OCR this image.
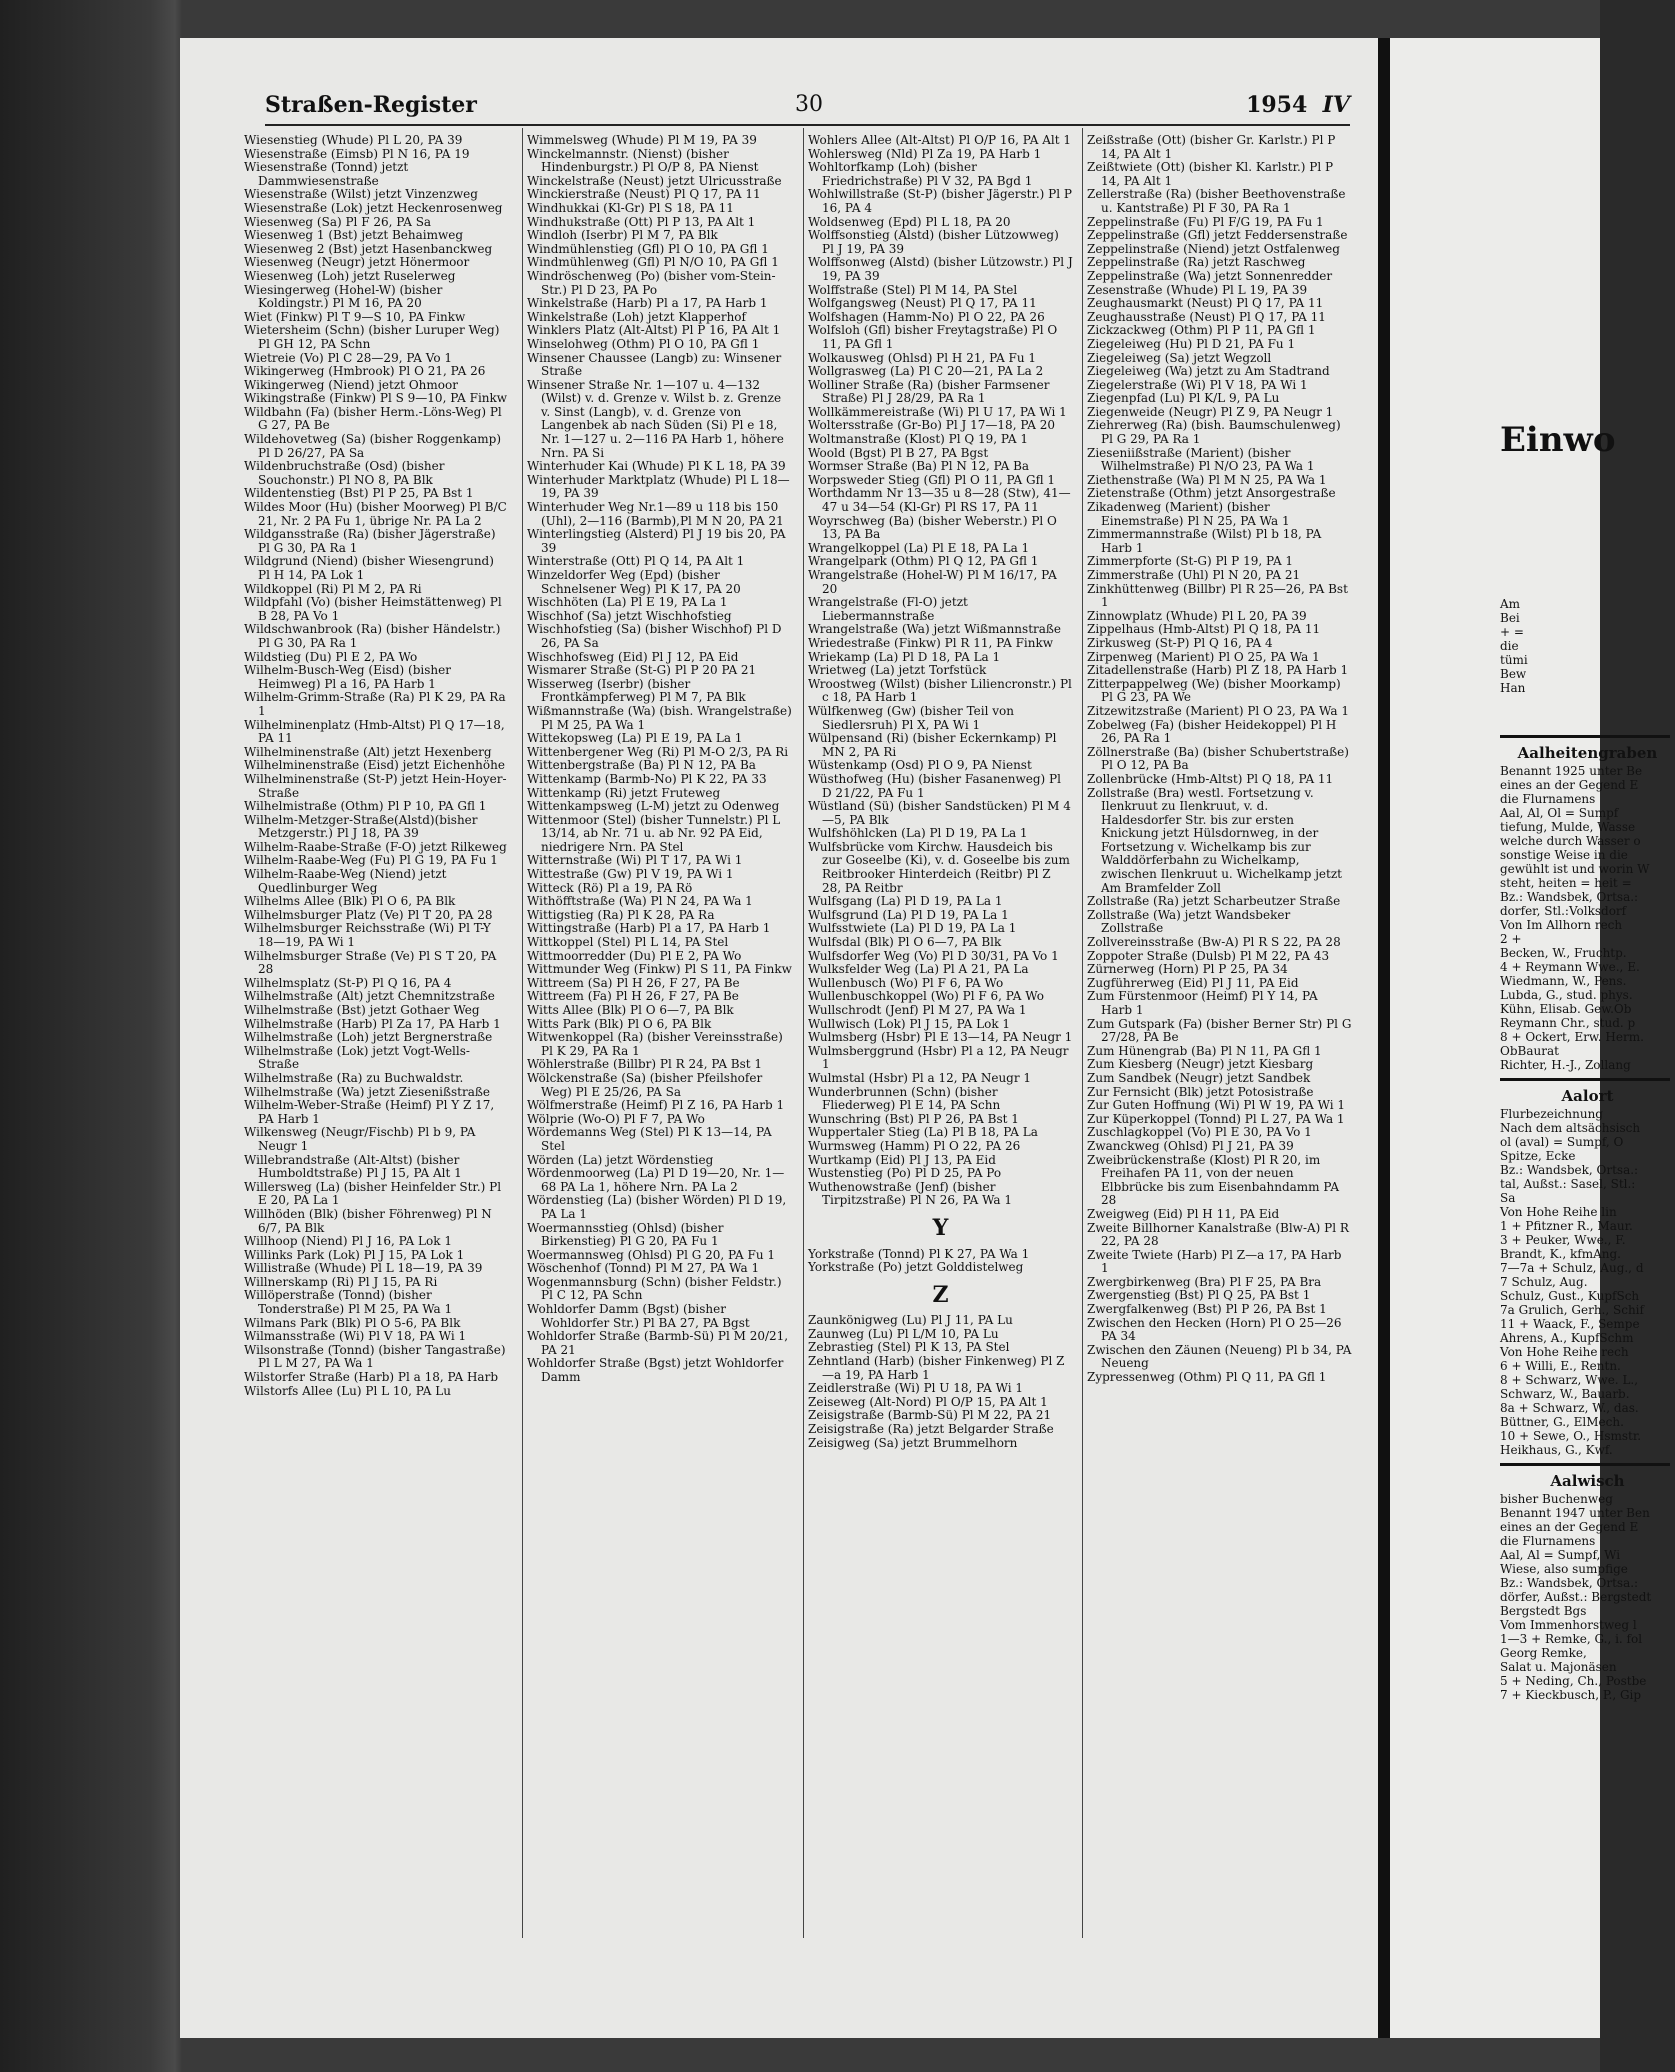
Straßen-Register	30	1954 IV

Wiesenstieg (Whude) Pl L 20, PA 39

Wiesenstraße (Eimsb) Pl N 16, PA 19

Wiesenstraße (Tonnd) jetzt Dammwiesenstraße

Wiesenstraße (Wilst) jetzt Vinzenzweg

Wiesenstraße (Lok) jetzt Heckenrosenweg

Wiesenweg (Sa) Pl F 26, PA Sa

Wiesenweg 1 (Bst) jetzt Behaimweg

Wiesenweg 2 (Bst) jetzt Hasenbanckweg

Wiesenweg (Neugr) jetzt Hönermoor

Wiesenweg (Loh) jetzt Ruselerweg

Wiesingerweg (Hohel-W) (bisher Koldingstr.) Pl M 16, PA 20

Wiet (Finkw) Pl T 9—S 10, PA Finkw

Wietersheim (Schn) (bisher Luruper Weg) Pl GH 12, PA Schn

Wietreie (Vo) Pl C 28—29, PA Vo 1

Wikingerweg (Hmbrook) Pl O 21, PA 26

Wikingerweg (Niend) jetzt Ohmoor

Wikingstraße (Finkw) Pl S 9—10, PA Finkw

Wildbahn (Fa) (bisher Herm.-Löns-Weg) Pl G 27, PA Be

Wildehovetweg (Sa) (bisher Roggenkamp) Pl D 26/27, PA Sa

Wildenbruchstraße (Osd) (bisher Souchonstr.) Pl NO 8, PA Blk

Wildentenstieg (Bst) Pl P 25, PA Bst 1

Wildes Moor (Hu) (bisher Moorweg) Pl B/C 21, Nr. 2 PA Fu 1, übrige Nr. PA La 2

Wildgansstraße (Ra) (bisher Jägerstraße) Pl G 30, PA Ra 1

Wildgrund (Niend) (bisher Wiesengrund) Pl H 14, PA Lok 1

Wildkoppel (Ri) Pl M 2, PA Ri

Wildpfahl (Vo) (bisher Heimstättenweg) Pl B 28, PA Vo 1

Wildschwanbrook (Ra) (bisher Händelstr.) Pl G 30, PA Ra 1

Wildstieg (Du) Pl E 2, PA Wo

Wilhelm-Busch-Weg (Eisd) (bisher Heimweg) Pl a 16, PA Harb 1

Wilhelm-Grimm-Straße (Ra) Pl K 29, PA Ra 1

Wilhelminenplatz (Hmb-Altst) Pl Q 17—18, PA 11

Wilhelminenstraße (Alt) jetzt Hexenberg

Wilhelminenstraße (Eisd) jetzt Eichenhöhe

Wilhelminenstraße (St-P) jetzt Hein-Hoyer-Straße

Wilhelmistraße (Othm) Pl P 10, PA Gfl 1

Wilhelm-Metzger-Straße(Alstd)(bisher Metzgerstr.) Pl J 18, PA 39

Wilhelm-Raabe-Straße (F-O) jetzt Rilkeweg

Wilhelm-Raabe-Weg (Fu) Pl G 19, PA Fu 1

Wilhelm-Raabe-Weg (Niend) jetzt Quedlinburger Weg

Wilhelms Allee (Blk) Pl O 6, PA Blk

Wilhelmsburger Platz (Ve) Pl T 20, PA 28

Wilhelmsburger Reichsstraße (Wi) Pl T-Y 18—19, PA Wi 1

Wilhelmsburger Straße (Ve) Pl S T 20, PA 28

Wilhelmsplatz (St-P) Pl Q 16, PA 4

Wilhelmstraße (Alt) jetzt Chemnitzstraße

Wilhelmstraße (Bst) jetzt Gothaer Weg

Wilhelmstraße (Harb) Pl Za 17, PA Harb 1

Wilhelmstraße (Loh) jetzt Bergnerstraße

Wilhelmstraße (Lok) jetzt Vogt-Wells-Straße

Wilhelmstraße (Ra) zu Buchwaldstr.

Wilhelmstraße (Wa) jetzt Ziesenißstraße

Wilhelm-Weber-Straße (Heimf) Pl Y Z 17, PA Harb 1

Wilkensweg (Neugr/Fischb) Pl b 9, PA Neugr 1

Willebrandstraße (Alt-Altst) (bisher Humboldtstraße) Pl J 15, PA Alt 1

Willersweg (La) (bisher Heinfelder Str.) Pl E 20, PA La 1

Willhöden (Blk) (bisher Föhrenweg) Pl N 6/7, PA Blk

Willhoop (Niend) Pl J 16, PA Lok 1

Willinks Park (Lok) Pl J 15, PA Lok 1

Willistraße (Whude) Pl L 18—19, PA 39

Willnerskamp (Ri) Pl J 15, PA Ri

Willöperstraße (Tonnd) (bisher Tonderstraße) Pl M 25, PA Wa 1

Wilmans Park (Blk) Pl O 5-6, PA Blk

Wilmansstraße (Wi) Pl V 18, PA Wi 1

Wilsonstraße (Tonnd) (bisher Tangastraße) Pl L M 27, PA Wa 1

Wilstorfer Straße (Harb) Pl a 18, PA Harb

Wilstorfs Allee (Lu) Pl L 10, PA Lu

Wimmelsweg (Whude) Pl M 19, PA 39

Winckelmannstr. (Nienst) (bisher Hindenburgstr.) Pl O/P 8, PA Nienst

Winckelstraße (Neust) jetzt Ulricusstraße

Winckierstraße (Neust) Pl Q 17, PA 11

Windhukkai (Kl-Gr) Pl S 18, PA 11

Windhukstraße (Ott) Pl P 13, PA Alt 1

Windloh (Iserbr) Pl M 7, PA Blk

Windmühlenstieg (Gfl) Pl O 10, PA Gfl 1

Windmühlenweg (Gfl) Pl N/O 10, PA Gfl 1

Windröschenweg (Po) (bisher vom-Stein-Str.) Pl D 23, PA Po

Winkelstraße (Harb) Pl a 17, PA Harb 1

Winkelstraße (Loh) jetzt Klapperhof

Winklers Platz (Alt-Altst) Pl P 16, PA Alt 1

Winselohweg (Othm) Pl O 10, PA Gfl 1

Winsener Chaussee (Langb) zu: Winsener Straße

Winsener Straße Nr. 1—107 u. 4—132 (Wilst) v. d. Grenze v. Wilst b. z. Grenze v. Sinst (Langb), v. d. Grenze von Langenbek ab nach Süden (Si) Pl e 18, Nr. 1—127 u. 2—116 PA Harb 1, höhere Nrn. PA Si

Winterhuder Kai (Whude) Pl K L 18, PA 39

Winterhuder Marktplatz (Whude) Pl L 18—19, PA 39

Winterhuder Weg Nr.1—89 u 118 bis 150 (Uhl), 2—116 (Barmb),Pl M N 20, PA 21

Winterlingstieg (Alsterd) Pl J 19 bis 20, PA 39

Winterstraße (Ott) Pl Q 14, PA Alt 1

Winzeldorfer Weg (Epd) (bisher Schnelsener Weg) Pl K 17, PA 20

Wischhöten (La) Pl E 19, PA La 1

Wischhof (Sa) jetzt Wischhofstieg

Wischhofstieg (Sa) (bisher Wischhof) Pl D 26, PA Sa

Wischhofsweg (Eid) Pl J 12, PA Eid

Wismarer Straße (St-G) Pl P 20 PA 21

Wisserweg (Iserbr) (bisher Frontkämpferweg) Pl M 7, PA Blk

Wißmannstraße (Wa) (bish. Wrangelstraße) Pl M 25, PA Wa 1

Wittekopsweg (La) Pl E 19, PA La 1

Wittenbergener Weg (Ri) Pl M-O 2/3, PA Ri

Wittenbergstraße (Ba) Pl N 12, PA Ba

Wittenkamp (Barmb-No) Pl K 22, PA 33

Wittenkamp (Ri) jetzt Fruteweg

Wittenkampsweg (L-M) jetzt zu Odenweg

Wittenmoor (Stel) (bisher Tunnelstr.) Pl L 13/14, ab Nr. 71 u. ab Nr. 92 PA Eid, niedrigere Nrn. PA Stel

Witternstraße (Wi) Pl T 17, PA Wi 1

Wittestraße (Gw) Pl V 19, PA Wi 1

Witteck (Rö) Pl a 19, PA Rö

Withöfftstraße (Wa) Pl N 24, PA Wa 1

Wittigstieg (Ra) Pl K 28, PA Ra

Wittingstraße (Harb) Pl a 17, PA Harb 1

Wittkoppel (Stel) Pl L 14, PA Stel

Wittmoorredder (Du) Pl E 2, PA Wo

Wittmunder Weg (Finkw) Pl S 11, PA Finkw

Wittreem (Sa) Pl H 26, F 27, PA Be

Wittreem (Fa) Pl H 26, F 27, PA Be

Witts Allee (Blk) Pl O 6—7, PA Blk

Witts Park (Blk) Pl O 6, PA Blk

Witwenkoppel (Ra) (bisher Vereinsstraße) Pl K 29, PA Ra 1

Wöhlerstraße (Billbr) Pl R 24, PA Bst 1

Wölckenstraße (Sa) (bisher Pfeilshofer Weg) Pl E 25/26, PA Sa

Wölfmerstraße (Heimf) Pl Z 16, PA Harb 1

Wölprie (Wo-O) Pl F 7, PA Wo

Wördemanns Weg (Stel) Pl K 13—14, PA Stel

Wörden (La) jetzt Wördenstieg

Wördenmoorweg (La) Pl D 19—20, Nr. 1—68 PA La 1, höhere Nrn. PA La 2

Wördenstieg (La) (bisher Wörden) Pl D 19, PA La 1

Woermannsstieg (Ohlsd) (bisher Birkenstieg) Pl G 20, PA Fu 1

Woermannsweg (Ohlsd) Pl G 20, PA Fu 1

Wöschenhof (Tonnd) Pl M 27, PA Wa 1

Wogenmannsburg (Schn) (bisher Feldstr.) Pl C 12, PA Schn

Wohldorfer Damm (Bgst) (bisher Wohldorfer Str.) Pl BA 27, PA Bgst

Wohldorfer Straße (Barmb-Sü) Pl M 20/21, PA 21

Wohldorfer Straße (Bgst) jetzt Wohldorfer Damm

Wohlers Allee (Alt-Altst) Pl O/P 16, PA Alt 1

Wohlersweg (Nld) Pl Za 19, PA Harb 1

Wohltorfkamp (Loh) (bisher Friedrichstraße) Pl V 32, PA Bgd 1

Wohlwillstraße (St-P) (bisher Jägerstr.) Pl P 16, PA 4

Woldsenweg (Epd) Pl L 18, PA 20

Wolffsonstieg (Alstd) (bisher Lützowweg) Pl J 19, PA 39

Wolffsonweg (Alstd) (bisher Lützowstr.) Pl J 19, PA 39

Wolffstraße (Stel) Pl M 14, PA Stel

Wolfgangsweg (Neust) Pl Q 17, PA 11

Wolfshagen (Hamm-No) Pl O 22, PA 26

Wolfsloh (Gfl) bisher Freytagstraße) Pl O 11, PA Gfl 1

Wolkausweg (Ohlsd) Pl H 21, PA Fu 1

Wollgrasweg (La) Pl C 20—21, PA La 2

Wolliner Straße (Ra) (bisher Farmsener Straße) Pl J 28/29, PA Ra 1

Wollkämmereistraße (Wi) Pl U 17, PA Wi 1

Woltersstraße (Gr-Bo) Pl J 17—18, PA 20

Woltmanstraße (Klost) Pl Q 19, PA 1

Woold (Bgst) Pl B 27, PA Bgst

Wormser Straße (Ba) Pl N 12, PA Ba

Worpsweder Stieg (Gfl) Pl O 11, PA Gfl 1

Worthdamm Nr 13—35 u 8—28 (Stw), 41—47 u 34—54 (Kl-Gr) Pl RS 17, PA 11

Woyrschweg (Ba) (bisher Weberstr.) Pl O 13, PA Ba

Wrangelkoppel (La) Pl E 18, PA La 1

Wrangelpark (Othm) Pl Q 12, PA Gfl 1

Wrangelstraße (Hohel-W) Pl M 16/17, PA 20

Wrangelstraße (Fl-O) jetzt Liebermannstraße

Wrangelstraße (Wa) jetzt Wißmannstraße

Wriedestraße (Finkw) Pl R 11, PA Finkw

Wriekamp (La) Pl D 18, PA La 1

Wrietweg (La) jetzt Torfstück

Wroostweg (Wilst) (bisher Liliencronstr.) Pl c 18, PA Harb 1

Wülfkenweg (Gw) (bisher Teil von Siedlersruh) Pl X, PA Wi 1

Wülpensand (Ri) (bisher Eckernkamp) Pl MN 2, PA Ri

Wüstenkamp (Osd) Pl O 9, PA Nienst

Wüsthofweg (Hu) (bisher Fasanenweg) Pl D 21/22, PA Fu 1

Wüstland (Sü) (bisher Sandstücken) Pl M 4—5, PA Blk

Wulfshöhlcken (La) Pl D 19, PA La 1

Wulfsbrücke vom Kirchw. Hausdeich bis zur Goseelbe (Ki), v. d. Goseelbe bis zum Reitbrooker Hinterdeich (Reitbr) Pl Z 28, PA Reitbr

Wulfsgang (La) Pl D 19, PA La 1

Wulfsgrund (La) Pl D 19, PA La 1

Wulfsstwiete (La) Pl D 19, PA La 1

Wulfsdal (Blk) Pl O 6—7, PA Blk

Wulfsdorfer Weg (Vo) Pl D 30/31, PA Vo 1

Wulksfelder Weg (La) Pl A 21, PA La

Wullenbusch (Wo) Pl F 6, PA Wo

Wullenbuschkoppel (Wo) Pl F 6, PA Wo

Wullschrodt (Jenf) Pl M 27, PA Wa 1

Wullwisch (Lok) Pl J 15, PA Lok 1

Wulmsberg (Hsbr) Pl E 13—14, PA Neugr 1

Wulmsberggrund (Hsbr) Pl a 12, PA Neugr 1

Wulmstal (Hsbr) Pl a 12, PA Neugr 1

Wunderbrunnen (Schn) (bisher Fliederweg) Pl E 14, PA Schn

Wunschring (Bst) Pl P 26, PA Bst 1

Wuppertaler Stieg (La) Pl B 18, PA La

Wurmsweg (Hamm) Pl O 22, PA 26

Wurtkamp (Eid) Pl J 13, PA Eid

Wustenstieg (Po) Pl D 25, PA Po

Wuthenowstraße (Jenf) (bisher Tirpitzstraße) Pl N 26, PA Wa 1

Y

Yorkstraße (Tonnd) Pl K 27, PA Wa 1

Yorkstraße (Po) jetzt Golddistelweg

Z

Zaunkönigweg (Lu) Pl J 11, PA Lu

Zaunweg (Lu) Pl L/M 10, PA Lu

Zebrastieg (Stel) Pl K 13, PA Stel

Zehntland (Harb) (bisher Finkenweg) Pl Z—a 19, PA Harb 1

Zeidlerstraße (Wi) Pl U 18, PA Wi 1

Zeiseweg (Alt-Nord) Pl O/P 15, PA Alt 1

Zeisigstraße (Barmb-Sü) Pl M 22, PA 21

Zeisigstraße (Ra) jetzt Belgarder Straße

Zeisigweg (Sa) jetzt Brummelhorn

Zeißstraße (Ott) (bisher Gr. Karlstr.) Pl P 14, PA Alt 1

Zeißtwiete (Ott) (bisher Kl. Karlstr.) Pl P 14, PA Alt 1

Zellerstraße (Ra) (bisher Beethovenstraße u. Kantstraße) Pl F 30, PA Ra 1

Zeppelinstraße (Fu) Pl F/G 19, PA Fu 1

Zeppelinstraße (Gfl) jetzt Feddersenstraße

Zeppelinstraße (Niend) jetzt Ostfalenweg

Zeppelinstraße (Ra) jetzt Raschweg

Zeppelinstraße (Wa) jetzt Sonnenredder

Zesenstraße (Whude) Pl L 19, PA 39

Zeughausmarkt (Neust) Pl Q 17, PA 11

Zeughausstraße (Neust) Pl Q 17, PA 11

Zickzackweg (Othm) Pl P 11, PA Gfl 1

Ziegeleiweg (Hu) Pl D 21, PA Fu 1

Ziegeleiweg (Sa) jetzt Wegzoll

Ziegeleiweg (Wa) jetzt zu Am Stadtrand

Ziegelerstraße (Wi) Pl V 18, PA Wi 1

Ziegenpfad (Lu) Pl K/L 9, PA Lu

Ziegenweide (Neugr) Pl Z 9, PA Neugr 1

Ziehrerweg (Ra) (bish. Baumschulenweg) Pl G 29, PA Ra 1

Zieseniißstraße (Marient) (bisher Wilhelmstraße) Pl N/O 23, PA Wa 1

Ziethenstraße (Wa) Pl M N 25, PA Wa 1

Zietenstraße (Othm) jetzt Ansorgestraße

Zikadenweg (Marient) (bisher Einemstraße) Pl N 25, PA Wa 1

Zimmermannstraße (Wilst) Pl b 18, PA Harb 1

Zimmerpforte (St-G) Pl P 19, PA 1

Zimmerstraße (Uhl) Pl N 20, PA 21

Zinkhüttenweg (Billbr) Pl R 25—26, PA Bst 1

Zinnowplatz (Whude) Pl L 20, PA 39

Zippelhaus (Hmb-Altst) Pl Q 18, PA 11

Zirkusweg (St-P) Pl Q 16, PA 4

Zirpenweg (Marient) Pl O 25, PA Wa 1

Zitadellenstraße (Harb) Pl Z 18, PA Harb 1

Zitterpappelweg (We) (bisher Moorkamp) Pl G 23, PA We

Zitzewitzstraße (Marient) Pl O 23, PA Wa 1

Zobelweg (Fa) (bisher Heidekoppel) Pl H 26, PA Ra 1

Zöllnerstraße (Ba) (bisher Schubertstraße) Pl O 12, PA Ba

Zollenbrücke (Hmb-Altst) Pl Q 18, PA 11

Zollstraße (Bra) westl. Fortsetzung v. Ilenkruut zu Ilenkruut, v. d. Haldesdorfer Str. bis zur ersten Knickung jetzt Hülsdornweg, in der Fortsetzung v. Wichelkamp bis zur Walddörferbahn zu Wichelkamp, zwischen Ilenkruut u. Wichelkamp jetzt Am Bramfelder Zoll

Zollstraße (Ra) jetzt Scharbeutzer Straße

Zollstraße (Wa) jetzt Wandsbeker Zollstraße

Zollvereinsstraße (Bw-A) Pl R S 22, PA 28

Zoppoter Straße (Dulsb) Pl M 22, PA 43

Zürnerweg (Horn) Pl P 25, PA 34

Zugführerweg (Eid) Pl J 11, PA Eid

Zum Fürstenmoor (Heimf) Pl Y 14, PA Harb 1

Zum Gutspark (Fa) (bisher Berner Str) Pl G 27/28, PA Be

Zum Hünengrab (Ba) Pl N 11, PA Gfl 1

Zum Kiesberg (Neugr) jetzt Kiesbarg

Zum Sandbek (Neugr) jetzt Sandbek

Zur Fernsicht (Blk) jetzt Potosistraße

Zur Guten Hoffnung (Wi) Pl W 19, PA Wi 1

Zur Küperkoppel (Tonnd) Pl L 27, PA Wa 1

Zuschlagkoppel (Vo) Pl E 30, PA Vo 1

Zwanckweg (Ohlsd) Pl J 21, PA 39

Zweibrückenstraße (Klost) Pl R 20, im Freihafen PA 11, von der neuen Elbbrücke bis zum Eisenbahndamm PA 28

Zweigweg (Eid) Pl H 11, PA Eid

Zweite Billhorner Kanalstraße (Blw-A) Pl R 22, PA 28

Zweite Twiete (Harb) Pl Z—a 17, PA Harb 1

Zwergbirkenweg (Bra) Pl F 25, PA Bra

Zwergenstieg (Bst) Pl Q 25, PA Bst 1

Zwergfalkenweg (Bst) Pl P 26, PA Bst 1

Zwischen den Hecken (Horn) Pl O 25—26 PA 34

Zwischen den Zäunen (Neueng) Pl b 34, PA Neueng

Zypressenweg (Othm) Pl Q 11, PA Gfl 1

Einwo

Am

Bei

+ =

die

tümi

Bew

Han

Aalheitengraben

Benannt 1925 unter Be

eines an der Gegend E

die Flurnamens

Aal, Al, Ol = Sumpf

tiefung, Mulde, Wasse

welche durch Wasser o

sonstige Weise in die

gewühlt ist und worin W

steht, heiten = heit =

Bz.: Wandsbek, Ortsa.:

dorfer, Stl.:Volksdorf

Von Im Allhorn rech

2 +

Becken, W., Fruchtp.

4 + Reymann Wwe., E.

Wiedmann, W., Pens.

Lubda, G., stud. phys.

Kühn, Elisab. Gew.Ob

Reymann Chr., stud. p

8 + Ockert, Erw. Herm.

ObBaurat

Richter, H.-J., Zollang

Aalort

Flurbezeichnung

Nach dem altsächsisch

ol (aval) = Sumpf, O

Spitze, Ecke

Bz.: Wandsbek, Ortsa.:

tal, Außst.: Sasel, Stl.:

Sa

Von Hohe Reihe lin

1 + Pfitzner R., Maur.

3 + Peuker, Wwe., F.

Brandt, K., kfmAng.

7—7a + Schulz, Aug., d

7 Schulz, Aug.

Schulz, Gust., KupfSch

7a Grulich, Gerh., Schif

11 + Waack, F., Sempe

Ahrens, A., KupfSchm

Von Hohe Reihe rech

6 + Willi, E., Rentn.

8 + Schwarz, Wwe. L.,

Schwarz, W., Bauarb.

8a + Schwarz, W., das.

Büttner, G., ElMech.

10 + Sewe, O., Hsmstr.

Heikhaus, G., Kwf.

Aalwisch

bisher Buchenweg

Benannt 1947 unter Ben

eines an der Gegend E

die Flurnamens

Aal, Al = Sumpf, Wi

Wiese, also sumpfige

Bz.: Wandsbek, Ortsa.:

dörfer, Außst.: Bergstedt

Bergstedt Bgs

Vom Immenhorstweg l

1—3 + Remke, G., i. fol

Georg Remke,

Salat u. Majonäsen

5 + Neding, Ch., Postbe

7 + Kieckbusch, P., Gip
